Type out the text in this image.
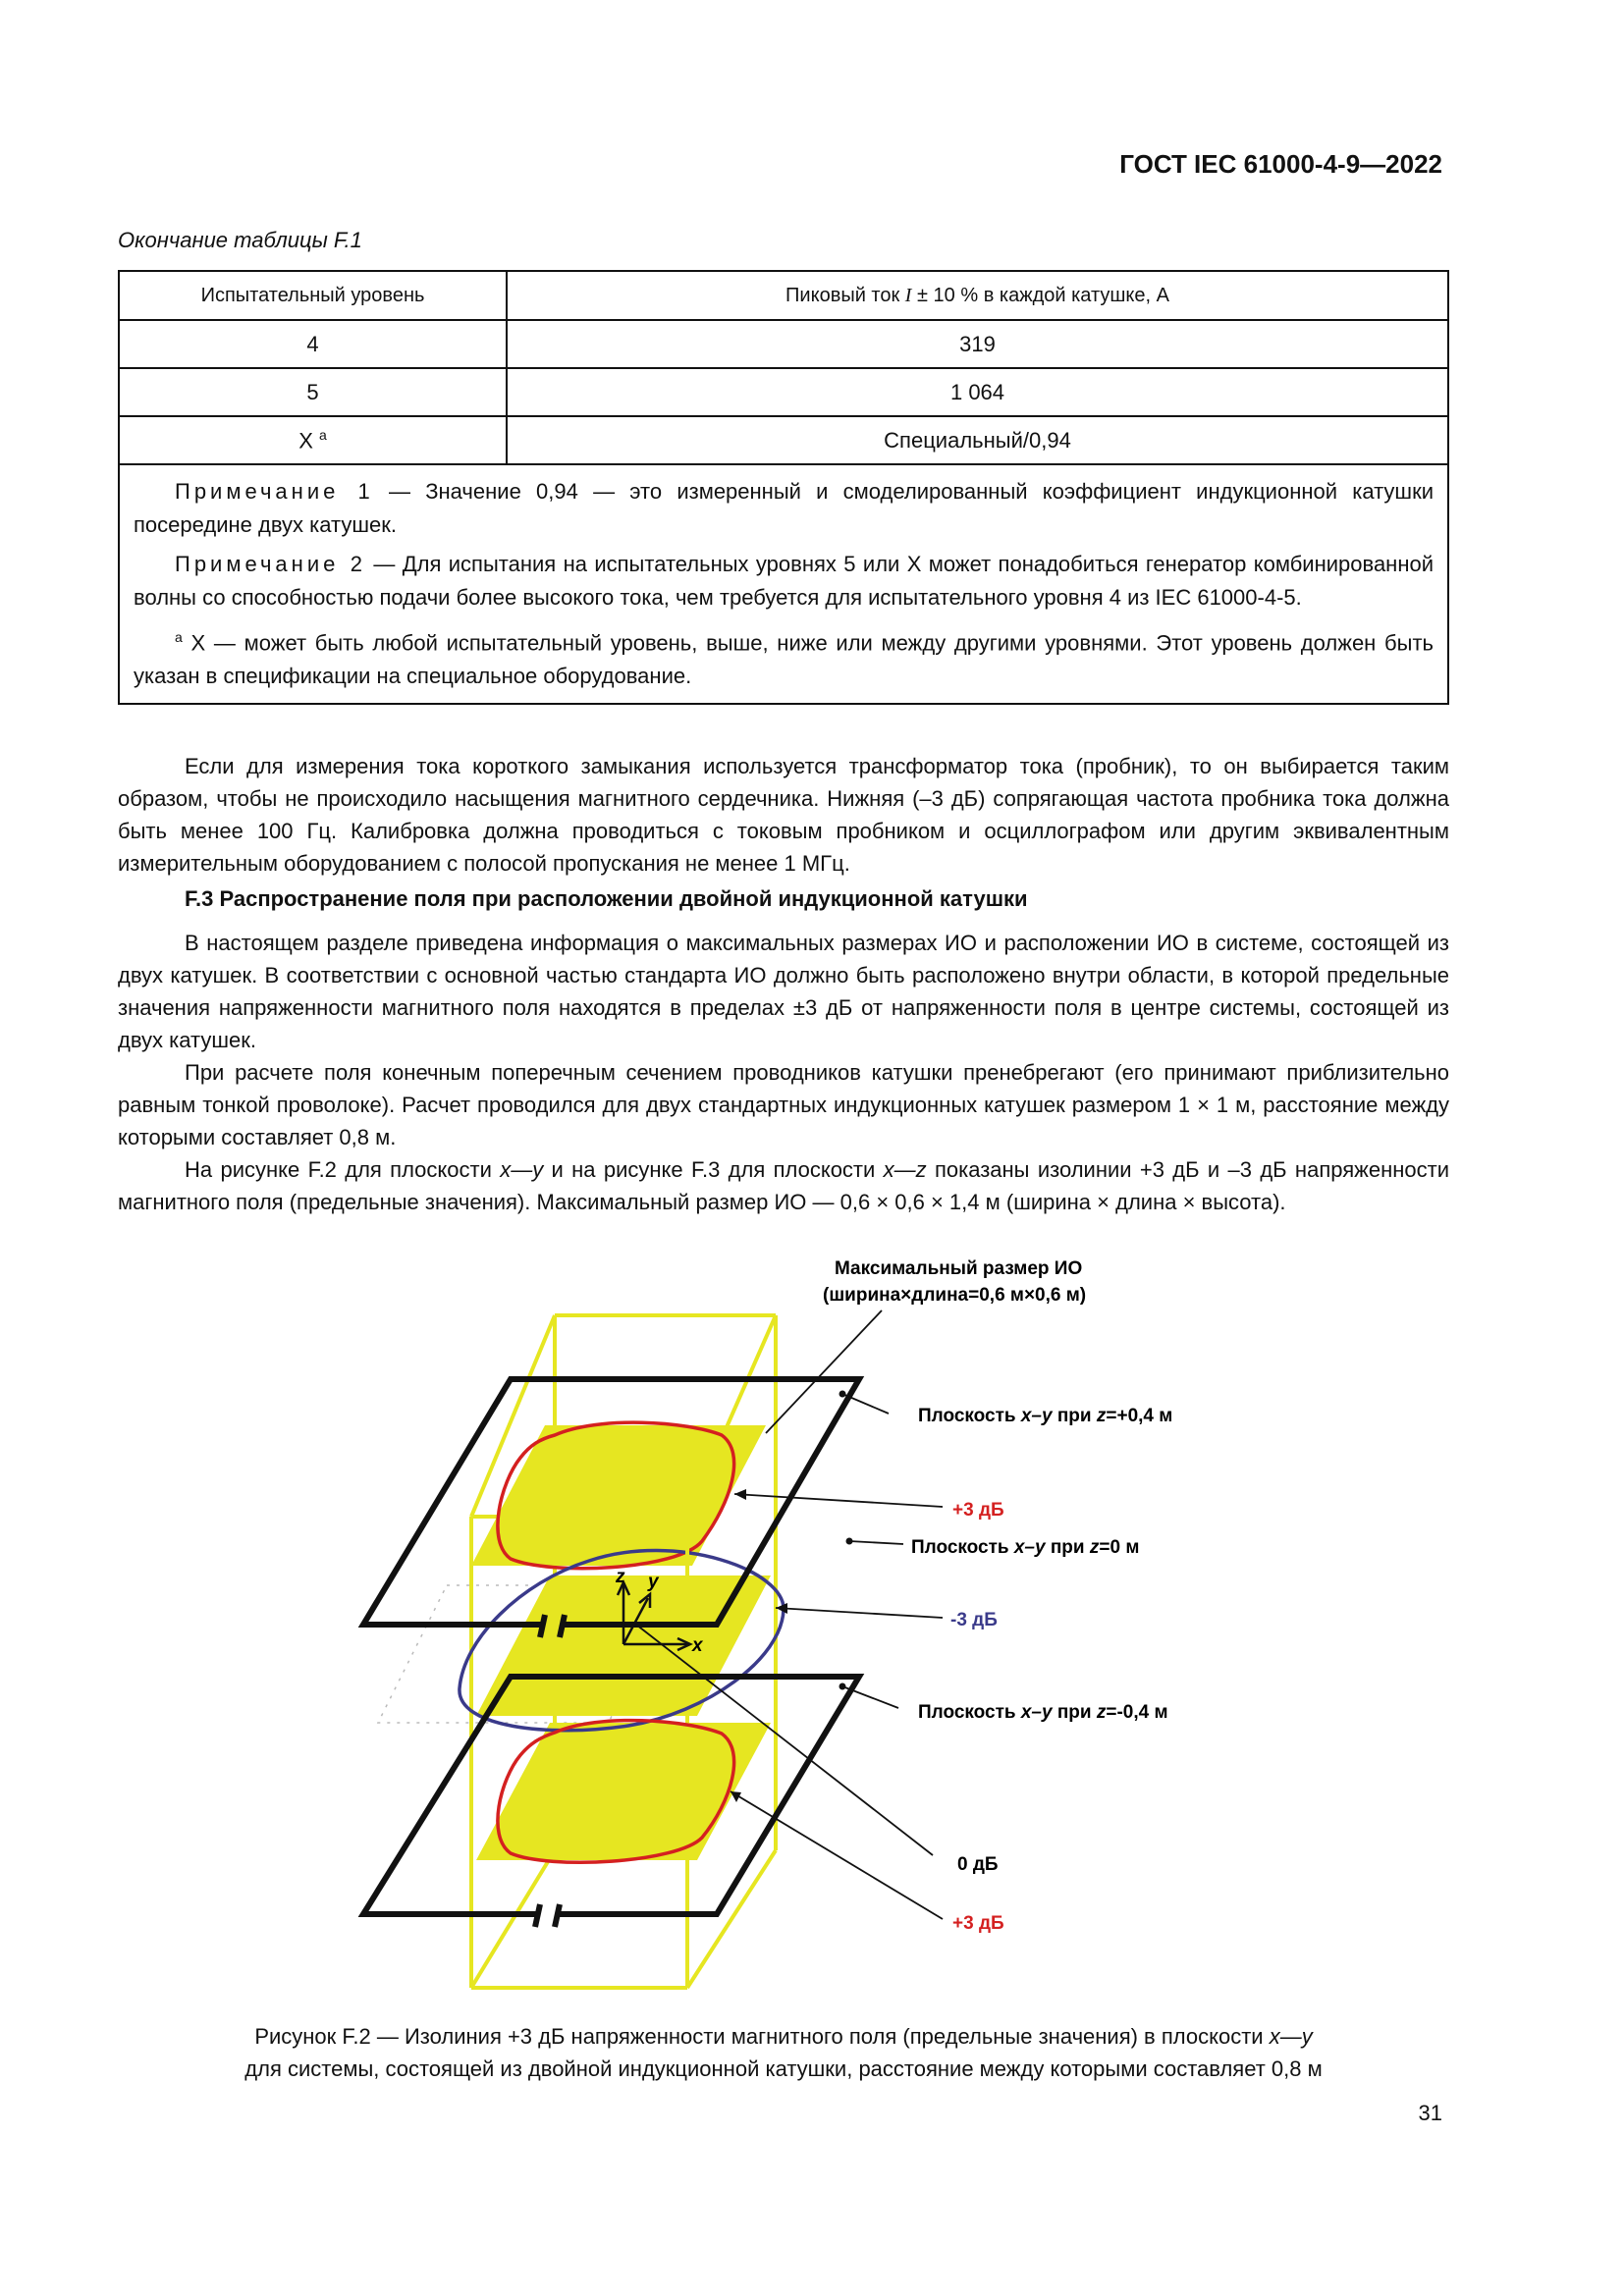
ГОСТ IEC 61000-4-9—2022
Окончание таблицы F.1
Испытательный уровень	Пиковый ток I ± 10 % в каждой катушке, А
4	319
5	1 064
X $^a$	Специальный/0,94

Примечание 1 — Значение 0,94 — это измеренный и смоделированный коэффициент индукционной катушки посередине двух катушек.

Примечание 2 — Для испытания на испытательных уровнях 5 или X может понадобиться генератор комбинированной волны со способностью подачи более высокого тока, чем требуется для испытательного уровня 4 из IEC 61000-4-5.

$^a$ X — может быть любой испытательный уровень, выше, ниже или между другими уровнями. Этот уровень должен быть указан в спецификации на специальное оборудование.	

Если для измерения тока короткого замыкания используется трансформатор тока (пробник), то он выбирается таким образом, чтобы не происходило насыщения магнитного сердечника. Нижняя (–3 дБ) сопрягающая частота пробника тока должна быть менее 100 Гц. Калибровка должна проводиться с токовым пробником и осциллографом или другим эквивалентным измерительным оборудованием с полосой пропускания не менее 1 МГц.

F.3 Распространение поля при расположении двойной индукционной катушки

В настоящем разделе приведена информация о максимальных размерах ИО и расположении ИО в системе, состоящей из двух катушек. В соответствии с основной частью стандарта ИО должно быть расположено внутри области, в которой предельные значения напряженности магнитного поля находятся в пределах ±3 дБ от напряженности поля в центре системы, состоящей из двух катушек.

При расчете поля конечным поперечным сечением проводников катушки пренебрегают (его принимают приблизительно равным тонкой проволоке). Расчет проводился для двух стандартных индукционных катушек размером 1 × 1 м, расстояние между которыми составляет 0,8 м.

На рисунке F.2 для плоскости x—y и на рисунке F.3 для плоскости x—z показаны изолинии +3 дБ и –3 дБ напряженности магнитного поля (предельные значения). Максимальный размер ИО — 0,6 × 0,6 × 1,4 м (ширина × длина × высота).

z y
x
Максимальный размер ИО
(ширина×длина=0,6 м×0,6 м)
Плоскость x–y при z=+0,4 м
+3 дБ
Плоскость x–y при z=0 м
-3 дБ
Плоскость x–y при z=-0,4 м
0 дБ
+3 дБ
Рисунок F.2 — Изолиния +3 дБ напряженности магнитного поля (предельные значения) в плоскости x—y
для системы, состоящей из двойной индукционной катушки, расстояние между которыми составляет 0,8 м
31
